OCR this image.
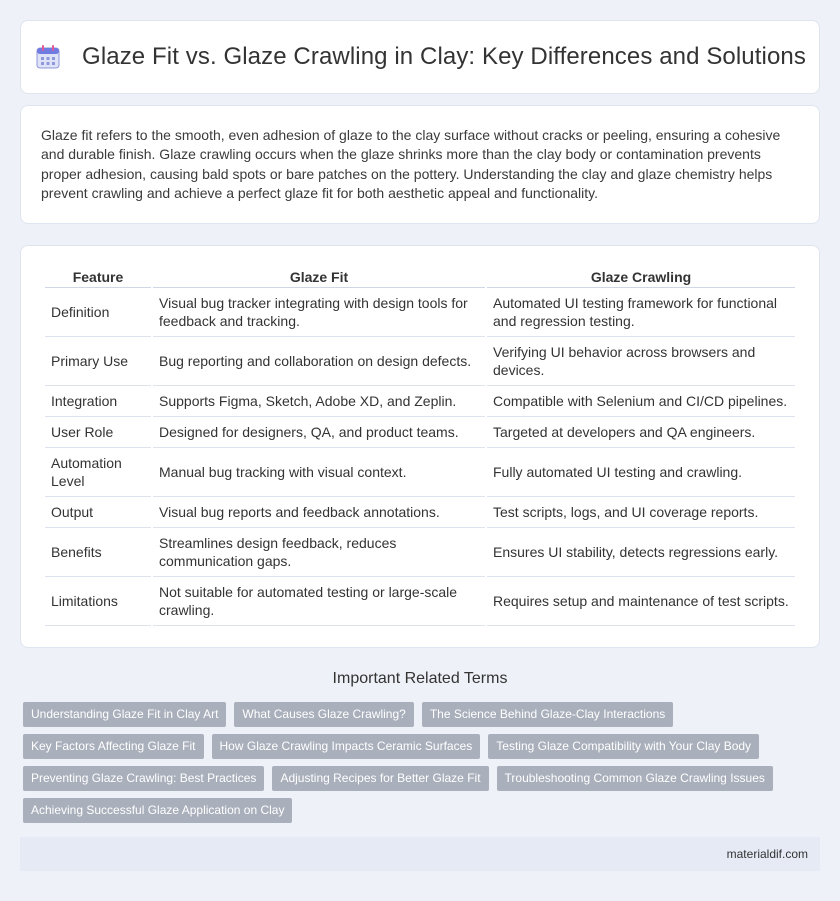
Glaze Fit vs. Glaze Crawling in Clay: Key Differences and Solutions

Glaze fit refers to the smooth, even adhesion of glaze to the clay surface without cracks or peeling, ensuring a cohesive and durable finish. Glaze crawling occurs when the glaze shrinks more than the clay body or contamination prevents proper adhesion, causing bald spots or bare patches on the pottery. Understanding the clay and glaze chemistry helps prevent crawling and achieve a perfect glaze fit for both aesthetic appeal and functionality.

Feature	Glaze Fit	Glaze Crawling
Definition	Visual bug tracker integrating with design tools for feedback and tracking.	Automated UI testing framework for functional and regression testing.
Primary Use	Bug reporting and collaboration on design defects.	Verifying UI behavior across browsers and devices.
Integration	Supports Figma, Sketch, Adobe XD, and Zeplin.	Compatible with Selenium and CI/CD pipelines.
User Role	Designed for designers, QA, and product teams.	Targeted at developers and QA engineers.
Automation Level	Manual bug tracking with visual context.	Fully automated UI testing and crawling.
Output	Visual bug reports and feedback annotations.	Test scripts, logs, and UI coverage reports.
Benefits	Streamlines design feedback, reduces communication gaps.	Ensures UI stability, detects regressions early.
Limitations	Not suitable for automated testing or large-scale crawling.	Requires setup and maintenance of test scripts.
Important Related Terms
Understanding Glaze Fit in Clay Art	What Causes Glaze Crawling?	The Science Behind Glaze-Clay Interactions
Key Factors Affecting Glaze Fit	How Glaze Crawling Impacts Ceramic Surfaces	Testing Glaze Compatibility with Your Clay Body
Preventing Glaze Crawling: Best Practices	Adjusting Recipes for Better Glaze Fit	Troubleshooting Common Glaze Crawling Issues
Achieving Successful Glaze Application on Clay
materialdif.com
